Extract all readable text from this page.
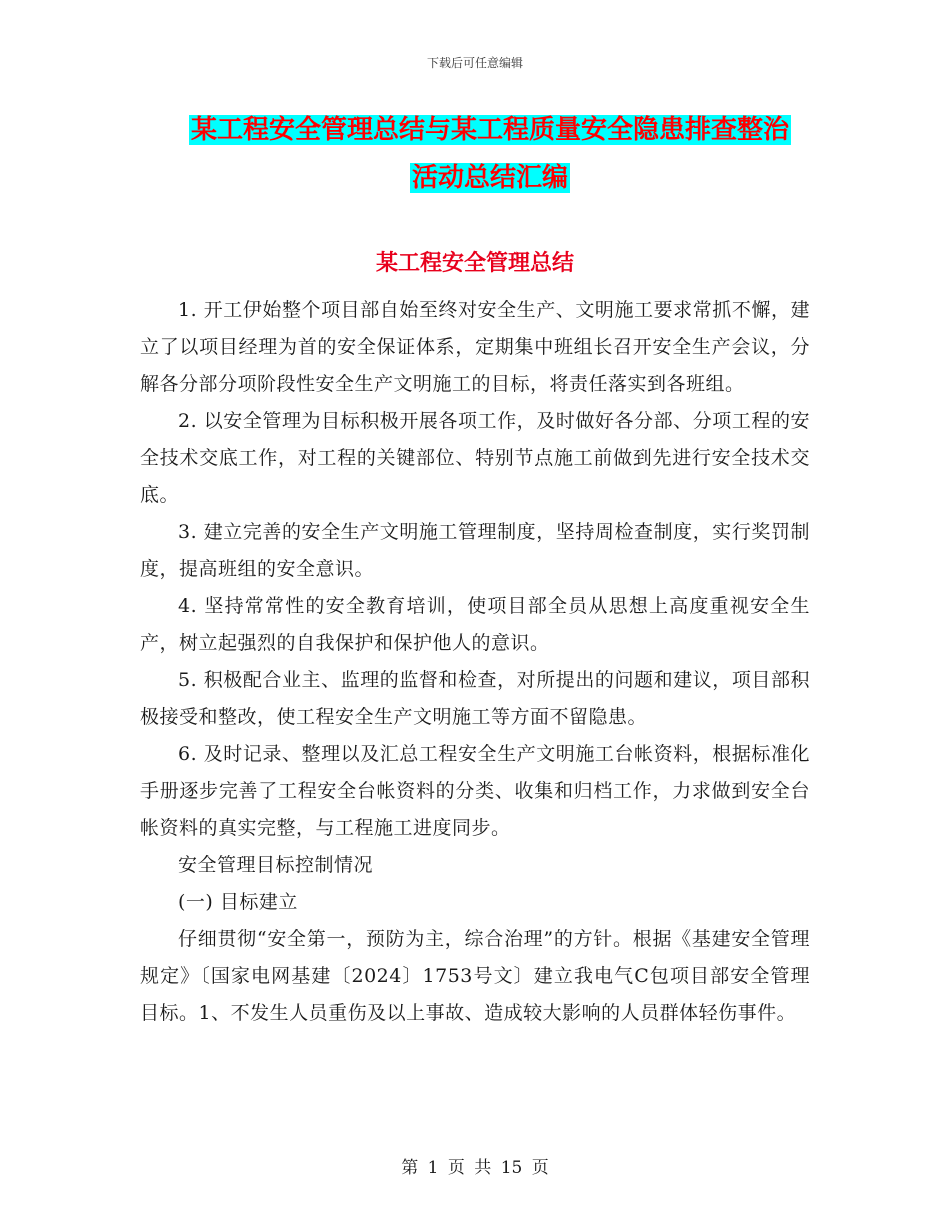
下载后可任意编辑
某工程安全管理总结与某工程质量安全隐患排查整治
活动总结汇编
某工程安全管理总结

1. 开工伊始整个项目部自始至终对安全生产、文明施工要求常抓不懈，建立了以项目经理为首的安全保证体系，定期集中班组长召开安全生产会议，分解各分部分项阶段性安全生产文明施工的目标，将责任落实到各班组。

2. 以安全管理为目标积极开展各项工作，及时做好各分部、分项工程的安全技术交底工作，对工程的关键部位、特别节点施工前做到先进行安全技术交底。

3. 建立完善的安全生产文明施工管理制度，坚持周检查制度，实行奖罚制度，提高班组的安全意识。

4. 坚持常常性的安全教育培训，使项目部全员从思想上高度重视安全生产，树立起强烈的自我保护和保护他人的意识。

5. 积极配合业主、监理的监督和检查，对所提出的问题和建议，项目部积极接受和整改，使工程安全生产文明施工等方面不留隐患。

6. 及时记录、整理以及汇总工程安全生产文明施工台帐资料，根据标准化手册逐步完善了工程安全台帐资料的分类、收集和归档工作，力求做到安全台帐资料的真实完整，与工程施工进度同步。

安全管理目标控制情况

(一) 目标建立

仔细贯彻“安全第一，预防为主，综合治理”的方针。根据《基建安全管理规定》〔国家电网基建〔2024〕1753号文〕建立我电气C包项目部安全管理目标。1、不发生人员重伤及以上事故、造成较大影响的人员群体轻伤事件。

第 1 页 共 15 页
